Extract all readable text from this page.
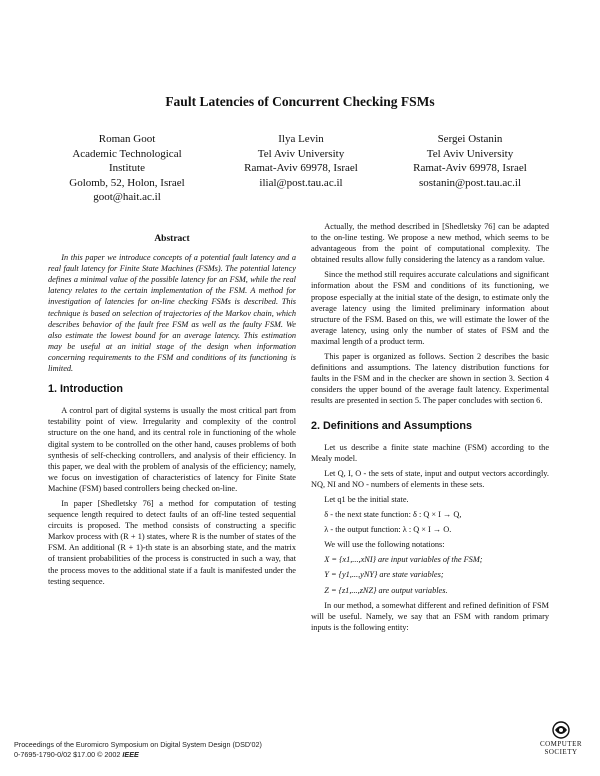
Fault Latencies of Concurrent Checking FSMs
Roman Goot
Academic Technological
Institute
Golomb, 52, Holon, Israel
goot@hait.ac.il
Ilya Levin
Tel Aviv University
Ramat-Aviv 69978, Israel
ilial@post.tau.ac.il
Sergei Ostanin
Tel Aviv University
Ramat-Aviv 69978, Israel
sostanin@post.tau.ac.il
Abstract

In this paper we introduce concepts of a potential fault latency and a real fault latency for Finite State Machines (FSMs). The potential latency defines a minimal value of the possible latency for an FSM, while the real latency relates to the certain implementation of the FSM. A method for investigation of latencies for on-line checking FSMs is described. This technique is based on selection of trajectories of the Markov chain, which describes behavior of the fault free FSM as well as the faulty FSM. We also estimate the lowest bound for an average latency. This estimation may be useful at an initial stage of the design when information concerning requirements to the FSM and conditions of its functioning is limited.

1. Introduction

A control part of digital systems is usually the most critical part from testability point of view. Irregularity and complexity of the control structure on the one hand, and its central role in functioning of the whole digital system to be controlled on the other hand, causes problems of both synthesis of self-checking controllers, and analysis of their efficiency. In this paper, we deal with the problem of analysis of the efficiency; namely, we focus on investigation of characteristics of latency for Finite State Machine (FSM) based controllers being checked on-line.

In paper [Shedletsky 76] a method for computation of testing sequence length required to detect faults of an off-line tested sequential circuits is proposed. The method consists of constructing a specific Markov process with (R + 1) states, where R is the number of states of the FSM. An additional (R + 1)-th state is an absorbing state, and the matrix of transient probabilities of the process is constructed in such a way, that the process moves to the additional state if a fault is manifested under the testing sequence.

Actually, the method described in [Shedletsky 76] can be adapted to the on-line testing. We propose a new method, which seems to be advantageous from the point of computational complexity. The obtained results allow fully considering the latency as a random value.

Since the method still requires accurate calculations and significant information about the FSM and conditions of its functioning, we propose especially at the initial state of the design, to estimate only the average latency using the limited preliminary information about structure of the FSM. Based on this, we will estimate the lower of the average latency, using only the number of states of FSM and the maximal length of a product term.

This paper is organized as follows. Section 2 describes the basic definitions and assumptions. The latency distribution functions for faults in the FSM and in the checker are shown in section 3. Section 4 considers the upper bound of the average fault latency. Experimental results are presented in section 5. The paper concludes with section 6.

2. Definitions and Assumptions

Let us describe a finite state machine (FSM) according to the Mealy model.

Let Q, I, O - the sets of state, input and output vectors accordingly. NQ, NI and NO - numbers of elements in these sets.

Let q1 be the initial state.

δ - the next state function: δ : Q × I → Q,

λ - the output function: λ : Q × I → O.

We will use the following notations:

X = {x1,...,xNI} are input variables of the FSM;

Y = {y1,...,yNY} are state variables;

Z = {z1,...,zNZ} are output variables.

In our method, a somewhat different and refined definition of FSM will be useful. Namely, we say that an FSM with random primary inputs is the following entity:

Proceedings of the Euromicro Symposium on Digital System Design (DSD'02)
0-7695-1790-0/02 $17.00 © 2002 IEEE
COMPUTER
SOCIETY
